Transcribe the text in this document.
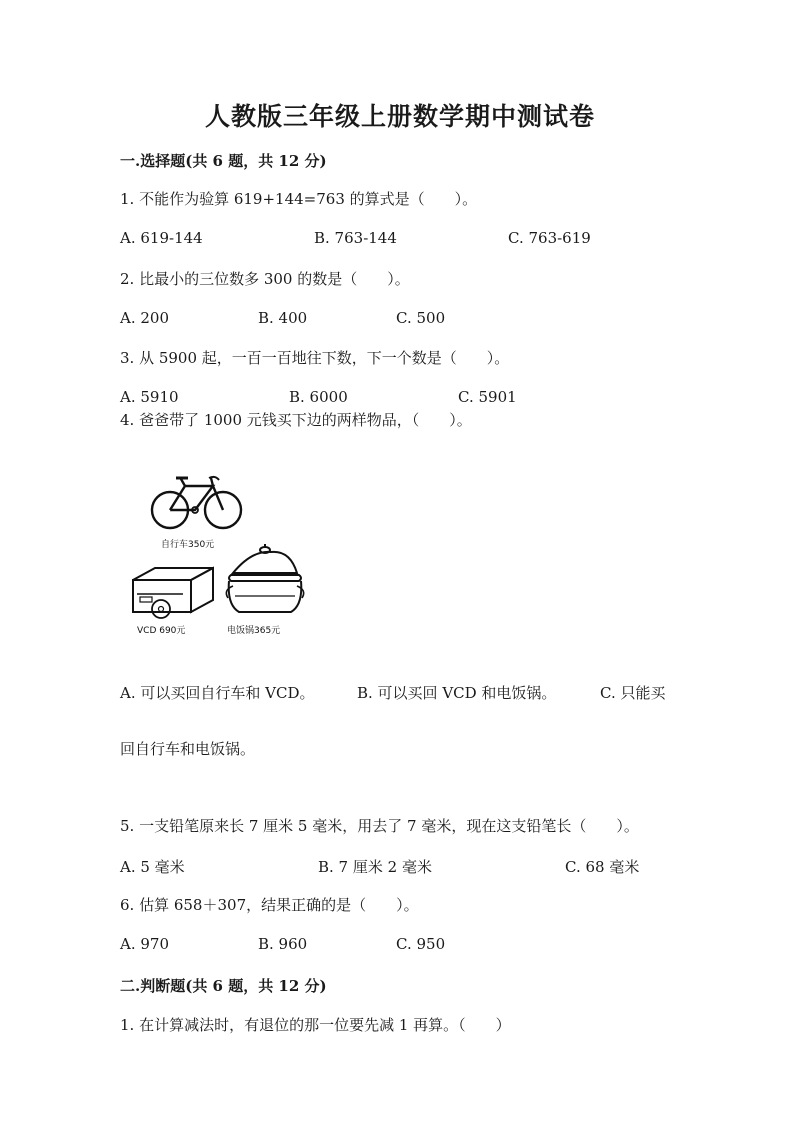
人教版三年级上册数学期中测试卷
一.选择题(共 6 题，共 12 分)
1. 不能作为验算 619+144=763 的算式是（　　）。
A. 619-144	B. 763-144	C. 763-619
2. 比最小的三位数多 300 的数是（　　）。
A. 200	B. 400	C. 500
3. 从 5900 起，一百一百地往下数，下一个数是（　　）。
A. 5910	B. 6000	C. 5901
4. 爸爸带了 1000 元钱买下边的两样物品，（　　）。
自行车350元
VCD 690元	电饭锅365元
A. 可以买回自行车和 VCD。	B. 可以买回 VCD 和电饭锅。	C. 只能买
回自行车和电饭锅。
5. 一支铅笔原来长 7 厘米 5 毫米，用去了 7 毫米，现在这支铅笔长（　　）。
A. 5 毫米	B. 7 厘米 2 毫米	C. 68 毫米
6. 估算 658＋307，结果正确的是（　　）。
A. 970	B. 960	C. 950
二.判断题(共 6 题，共 12 分)
1. 在计算减法时，有退位的那一位要先减 1 再算。（　　）
